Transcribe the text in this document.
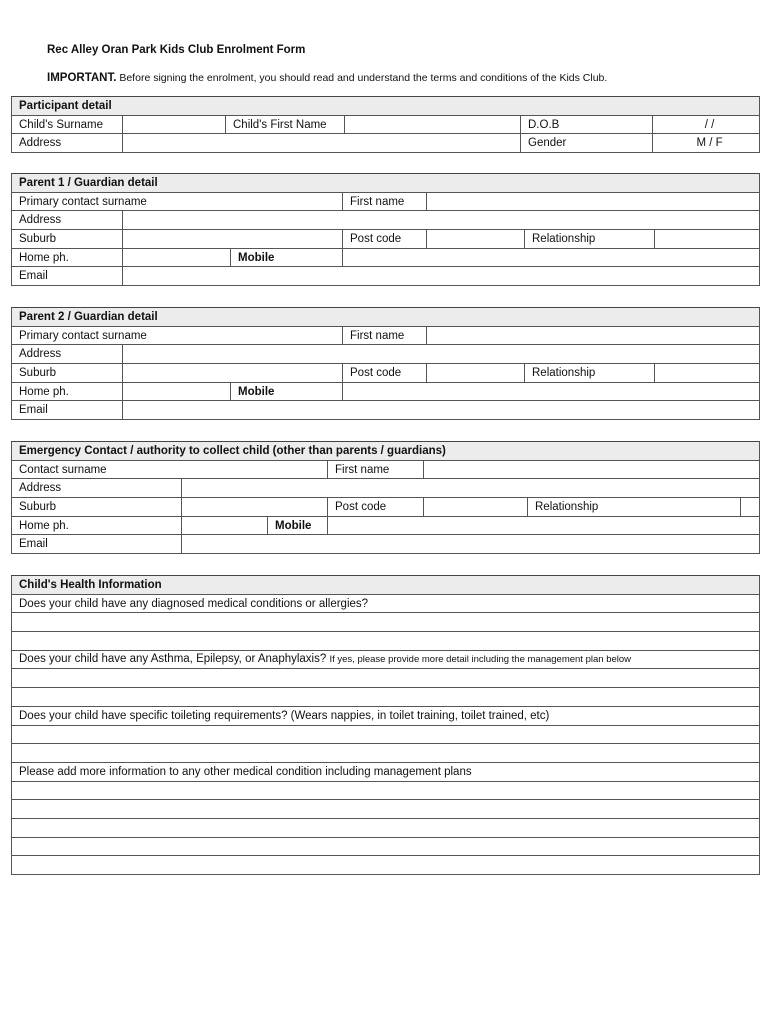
Rec Alley Oran Park Kids Club Enrolment Form
IMPORTANT. Before signing the enrolment, you should read and understand the terms and conditions of the Kids Club.
Participant detail					
Child's Surname		Child's First Name		D.O.B	/ /
Address				Gender	M / F
Parent 1 / Guardian detail						
Primary contact surname			First name			
Address						
Suburb			Post code		Relationship	
Home ph.		Mobile				
Email						
Parent 2 / Guardian detail						
Primary contact surname			First name			
Address						
Suburb			Post code		Relationship	
Home ph.		Mobile				
Email						
Emergency Contact / authority to collect child (other than parents / guardians)						
Contact surname			First name			
Address						
Suburb			Post code		Relationship	
Home ph.		Mobile				
Email						
Child's Health Information
Does your child have any diagnosed medical conditions or allergies?

Does your child have any Asthma, Epilepsy, or Anaphylaxis? If yes, please provide more detail including the management plan below

Does your child have specific toileting requirements? (Wears nappies, in toilet training, toilet trained, etc)

Please add more information to any other medical condition including management plans
